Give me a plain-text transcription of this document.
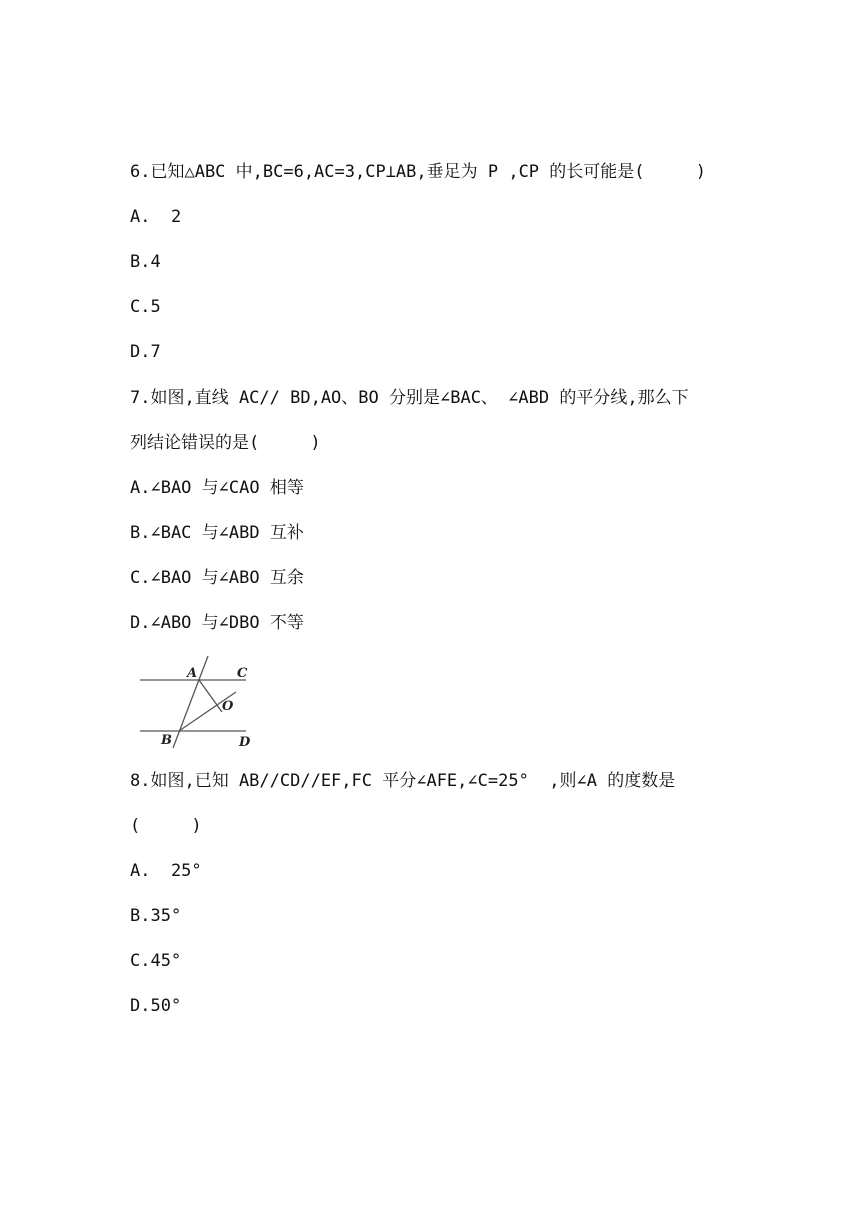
6.已知△ABC 中,BC=6,AC=3,CP⊥AB,垂足为 P ,CP 的长可能是(     )
A.  2
B.4
C.5
D.7
7.如图,直线 AC// BD,AO、BO 分别是∠BAC、 ∠ABD 的平分线,那么下
列结论错误的是(     )
A.∠BAO 与∠CAO 相等
B.∠BAC 与∠ABD 互补
C.∠BAO 与∠ABO 互余
D.∠ABO 与∠DBO 不等
A	C
O
B	D
8.如图,已知 AB//CD//EF,FC 平分∠AFE,∠C=25°  ,则∠A 的度数是
(     )
A.  25°
B.35°
C.45°
D.50°
